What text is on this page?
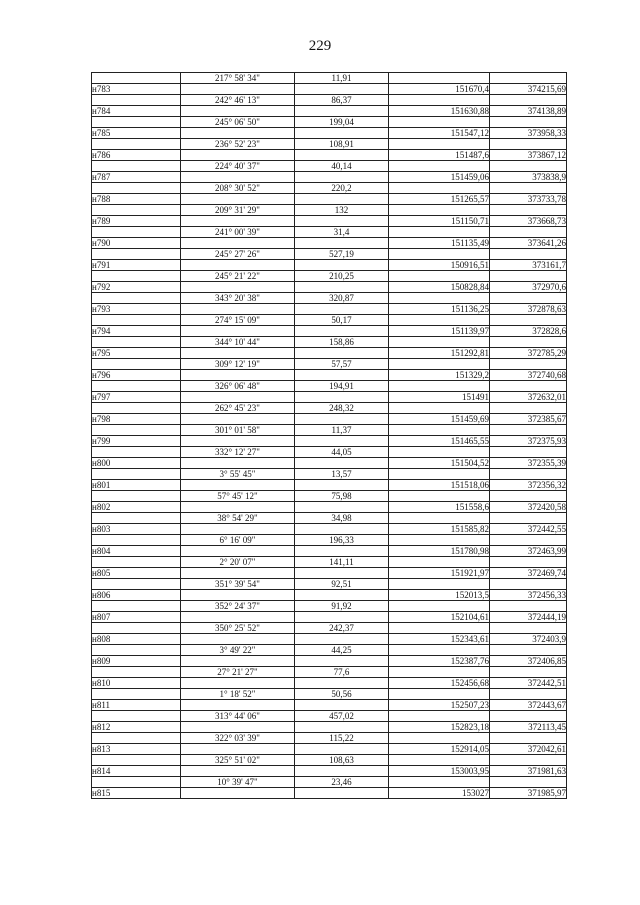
229
	217° 58' 34"	11,91		
н783			151670,4	374215,69
	242° 46' 13"	86,37		
н784			151630,88	374138,89
	245° 06' 50"	199,04		
н785			151547,12	373958,33
	236° 52' 23"	108,91		
н786			151487,6	373867,12
	224° 40' 37"	40,14		
н787			151459,06	373838,9
	208° 30' 52"	220,2		
н788			151265,57	373733,78
	209° 31' 29"	132		
н789			151150,71	373668,73
	241° 00' 39"	31,4		
н790			151135,49	373641,26
	245° 27' 26"	527,19		
н791			150916,51	373161,7
	245° 21' 22"	210,25		
н792			150828,84	372970,6
	343° 20' 38"	320,87		
н793			151136,25	372878,63
	274° 15' 09"	50,17		
н794			151139,97	372828,6
	344° 10' 44"	158,86		
н795			151292,81	372785,29
	309° 12' 19"	57,57		
н796			151329,2	372740,68
	326° 06' 48"	194,91		
н797			151491	372632,01
	262° 45' 23"	248,32		
н798			151459,69	372385,67
	301° 01' 58"	11,37		
н799			151465,55	372375,93
	332° 12' 27"	44,05		
н800			151504,52	372355,39
	3° 55' 45"	13,57		
н801			151518,06	372356,32
	57° 45' 12"	75,98		
н802			151558,6	372420,58
	38° 54' 29"	34,98		
н803			151585,82	372442,55
	6° 16' 09"	196,33		
н804			151780,98	372463,99
	2° 20' 07"	141,11		
н805			151921,97	372469,74
	351° 39' 54"	92,51		
н806			152013,5	372456,33
	352° 24' 37"	91,92		
н807			152104,61	372444,19
	350° 25' 52"	242,37		
н808			152343,61	372403,9
	3° 49' 22"	44,25		
н809			152387,76	372406,85
	27° 21' 27"	77,6		
н810			152456,68	372442,51
	1° 18' 52"	50,56		
н811			152507,23	372443,67
	313° 44' 06"	457,02		
н812			152823,18	372113,45
	322° 03' 39"	115,22		
н813			152914,05	372042,61
	325° 51' 02"	108,63		
н814			153003,95	371981,63
	10° 39' 47"	23,46		
н815			153027	371985,97
